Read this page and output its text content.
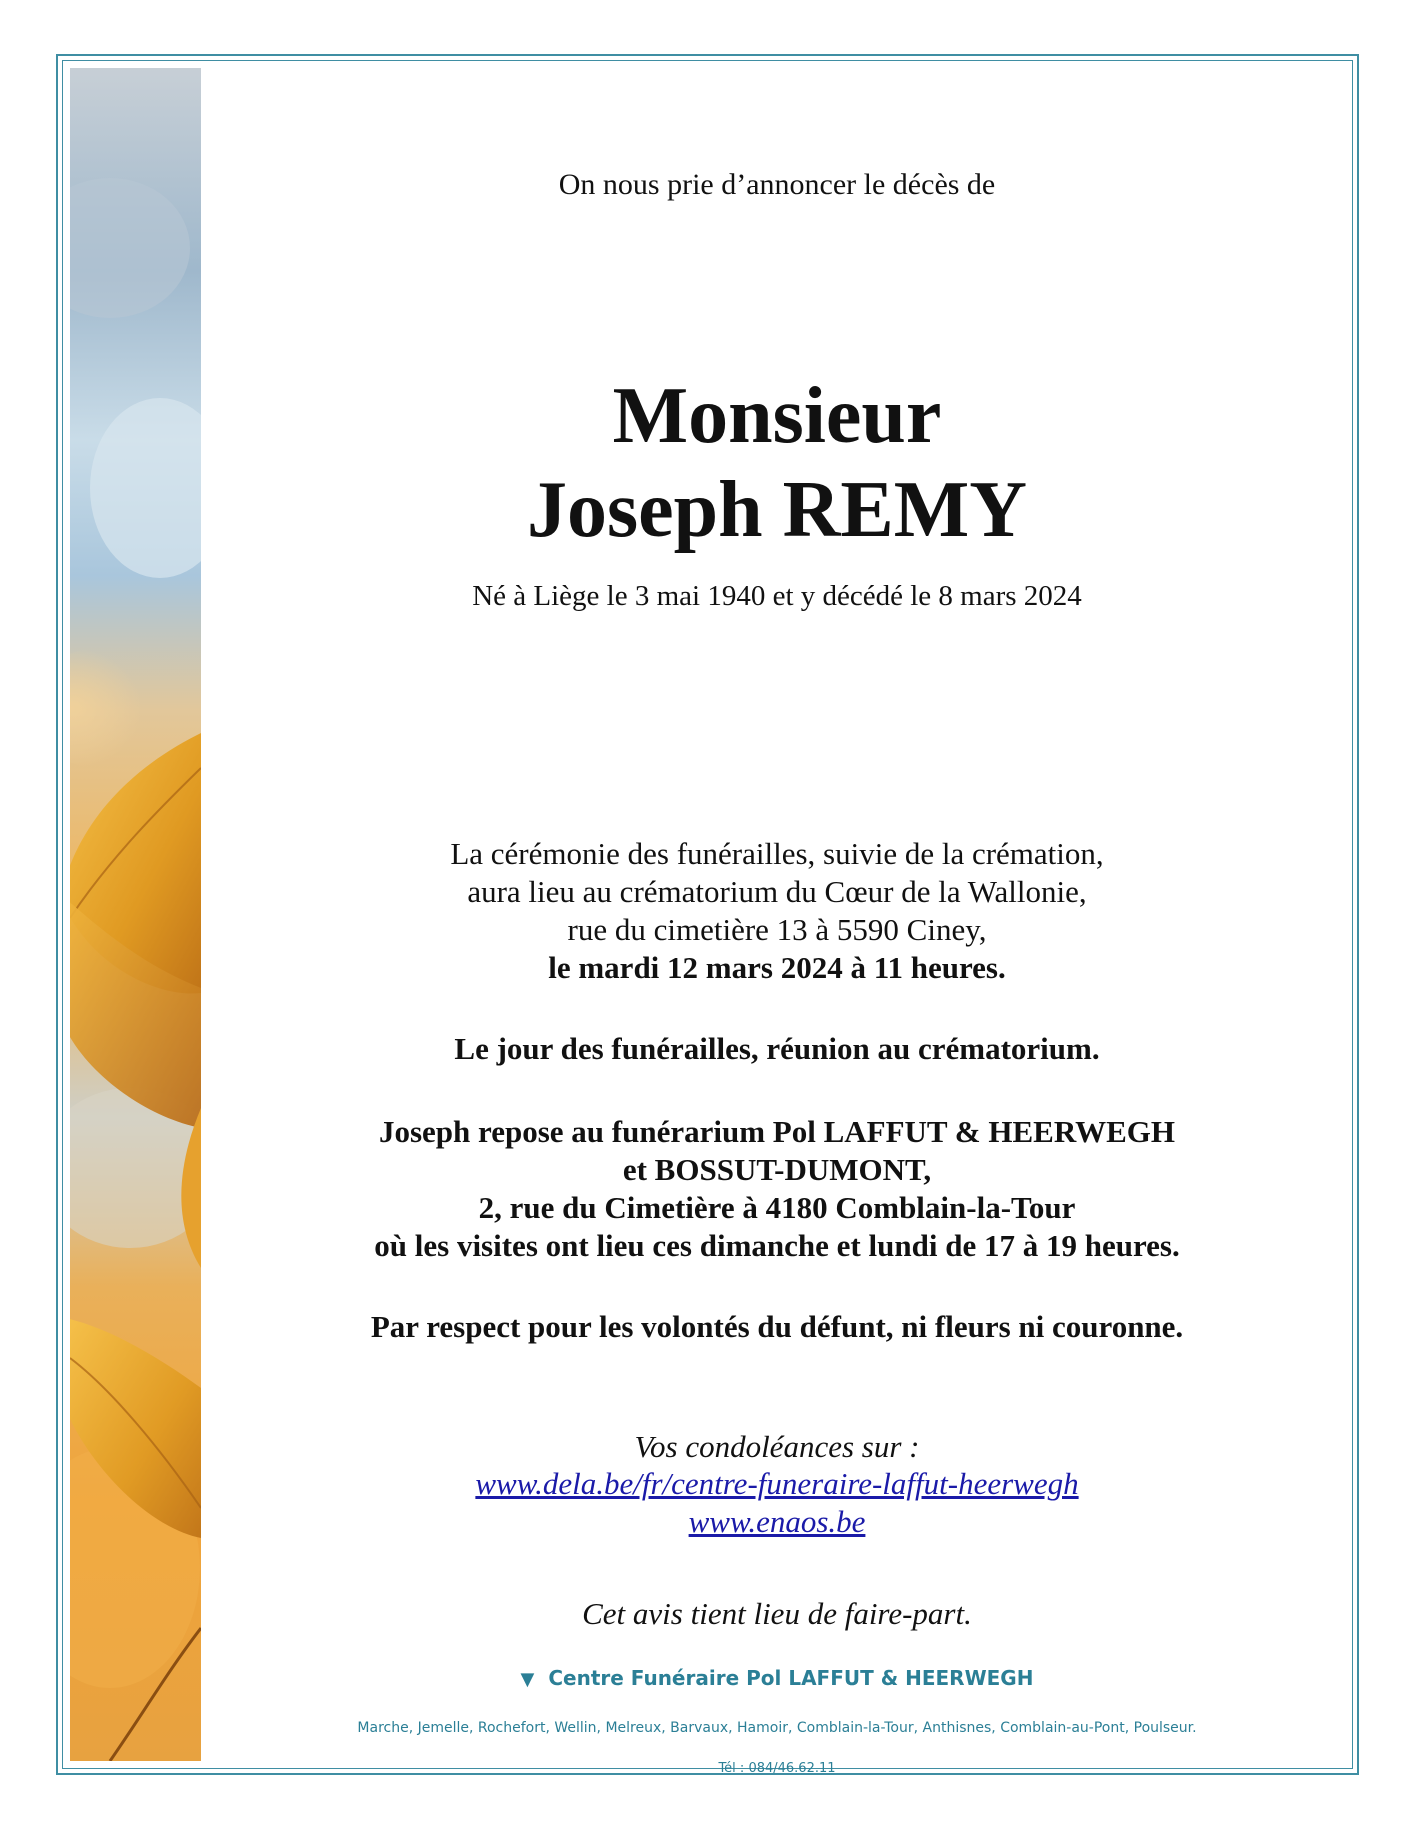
On nous prie d’annoncer le décès de

Monsieur

Joseph REMY

Né à Liège le 3 mai 1940 et y décédé le 8 mars 2024

La cérémonie des funérailles, suivie de la crémation,

aura lieu au crématorium du Cœur de la Wallonie,

rue du cimetière 13 à 5590 Ciney,

le mardi 12 mars 2024 à 11 heures.

Le jour des funérailles, réunion au crématorium.

Joseph repose au funérarium Pol LAFFUT & HEERWEGH

et BOSSUT-DUMONT,

2, rue du Cimetière à 4180 Comblain-la-Tour

où les visites ont lieu ces dimanche et lundi de 17 à 19 heures.

Par respect pour les volontés du défunt, ni fleurs ni couronne.

Vos condoléances sur :

www.dela.be/fr/centre-funeraire-laffut-heerwegh

www.enaos.be

Cet avis tient lieu de faire-part.

▼ Centre Funéraire Pol LAFFUT & HEERWEGH
Marche, Jemelle, Rochefort, Wellin, Melreux, Barvaux, Hamoir, Comblain-la-Tour, Anthisnes, Comblain-au-Pont, Poulseur.
Tél : 084/46.62.11
